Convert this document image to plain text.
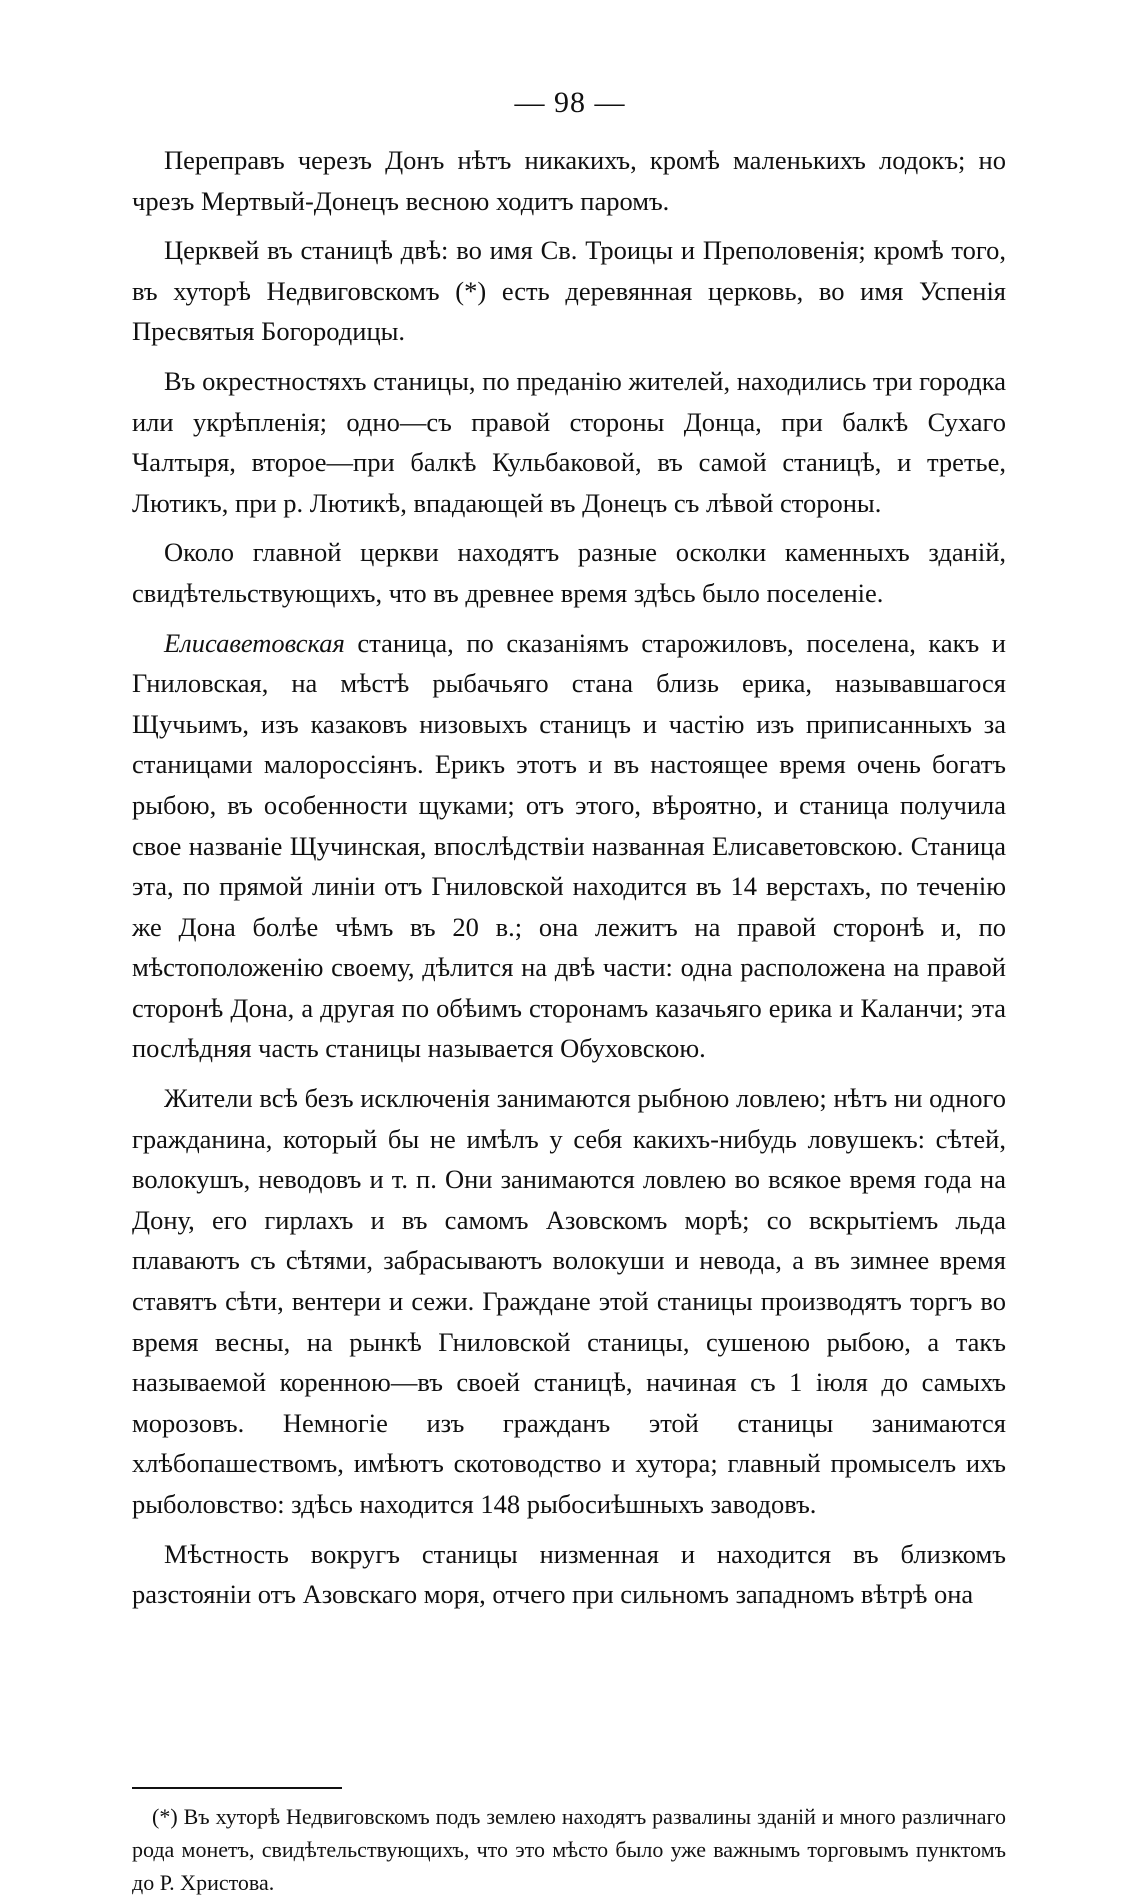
— 98 —

Переправъ черезъ Донъ нѣтъ никакихъ, кромѣ маленькихъ лодокъ; но чрезъ Мертвый-Донецъ весною ходитъ паромъ.

Церквей въ станицѣ двѣ: во имя Св. Троицы и Преполовенія; кромѣ того, въ хуторѣ Недвиговскомъ (*) есть деревянная церковь, во имя Успенія Пресвятыя Богородицы.

Въ окрестностяхъ станицы, по преданію жителей, находились три городка или укрѣпленія; одно—съ правой стороны Донца, при балкѣ Сухаго Чалтыря, второе—при балкѣ Кульбаковой, въ самой станицѣ, и третье, Лютикъ, при р. Лютикѣ, впадающей въ Донецъ съ лѣвой стороны.

Около главной церкви находятъ разные осколки каменныхъ зданій, свидѣтельствующихъ, что въ древнее время здѣсь было поселеніе.

Елисаветовская станица, по сказаніямъ старожиловъ, поселена, какъ и Гниловская, на мѣстѣ рыбачьяго стана близь ерика, называвшагося Щучьимъ, изъ казаковъ низовыхъ станицъ и частію изъ приписанныхъ за станицами малороссіянъ. Ерикъ этотъ и въ настоящее время очень богатъ рыбою, въ особенности щуками; отъ этого, вѣроятно, и станица получила свое названіе Щучинская, впослѣдствіи названная Елисаветовскою. Станица эта, по прямой линіи отъ Гниловской находится въ 14 верстахъ, по теченію же Дона болѣе чѣмъ въ 20 в.; она лежитъ на правой сторонѣ и, по мѣстоположенію своему, дѣлится на двѣ части: одна расположена на правой сторонѣ Дона, а другая по обѣимъ сторонамъ казачьяго ерика и Каланчи; эта послѣдняя часть станицы называется Обуховскою.

Жители всѣ безъ исключенія занимаются рыбною ловлею; нѣтъ ни одного гражданина, который бы не имѣлъ у себя какихъ-нибудь ловушекъ: сѣтей, волокушъ, неводовъ и т. п. Они занимаются ловлею во всякое время года на Дону, его гирлахъ и въ самомъ Азовскомъ морѣ; со вскрытіемъ льда плаваютъ съ сѣтями, забрасываютъ волокуши и невода, а въ зимнее время ставятъ сѣти, вентери и сежи. Граждане этой станицы производятъ торгъ во время весны, на рынкѣ Гниловской станицы, сушеною рыбою, а такъ называемой коренною—въ своей станицѣ, начиная съ 1 іюля до самыхъ морозовъ. Немногіе изъ гражданъ этой станицы занимаются хлѣбопашествомъ, имѣютъ скотоводство и хутора; главный промыселъ ихъ рыболовство: здѣсь находится 148 рыбосиѣшныхъ заводовъ.

Мѣстность вокругъ станицы низменная и находится въ близкомъ разстояніи отъ Азовскаго моря, отчего при сильномъ западномъ вѣтрѣ она

(*) Въ хуторѣ Недвиговскомъ подъ землею находятъ развалины зданій и много различнаго рода монетъ, свидѣтельствующихъ, что это мѣсто было уже важнымъ торговымъ пунктомъ до Р. Христова.
